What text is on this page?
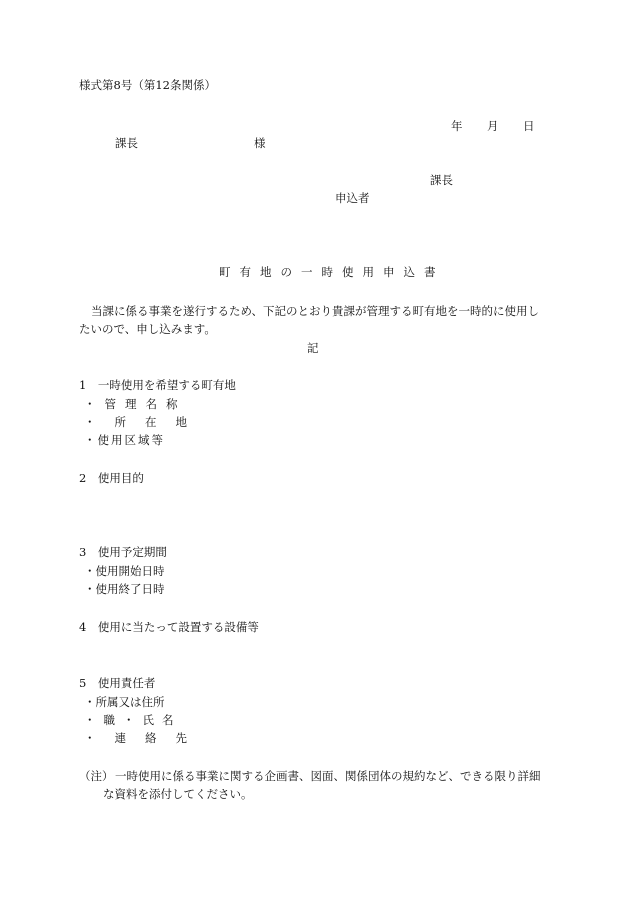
様式第8号（第12条関係）
年 月 日
課長	様
課長
申込者
町有地の一時使用申込書
当課に係る事業を遂行するため、下記のとおり貴課が管理する町有地を一時的に使用し
たいので、申し込みます。
記
1　一時使用を希望する町有地
・管理名称
・所在地
・使用区域等
2　使用目的
3　使用予定期間
・使用開始日時
・使用終了日時
4　使用に当たって設置する設備等
5　使用責任者
・所属又は住所
・職・氏名
・連絡先
（注） 一時使用に係る事業に関する企画書、図面、関係団体の規約など、できる限り詳細
な資料を添付してください。
